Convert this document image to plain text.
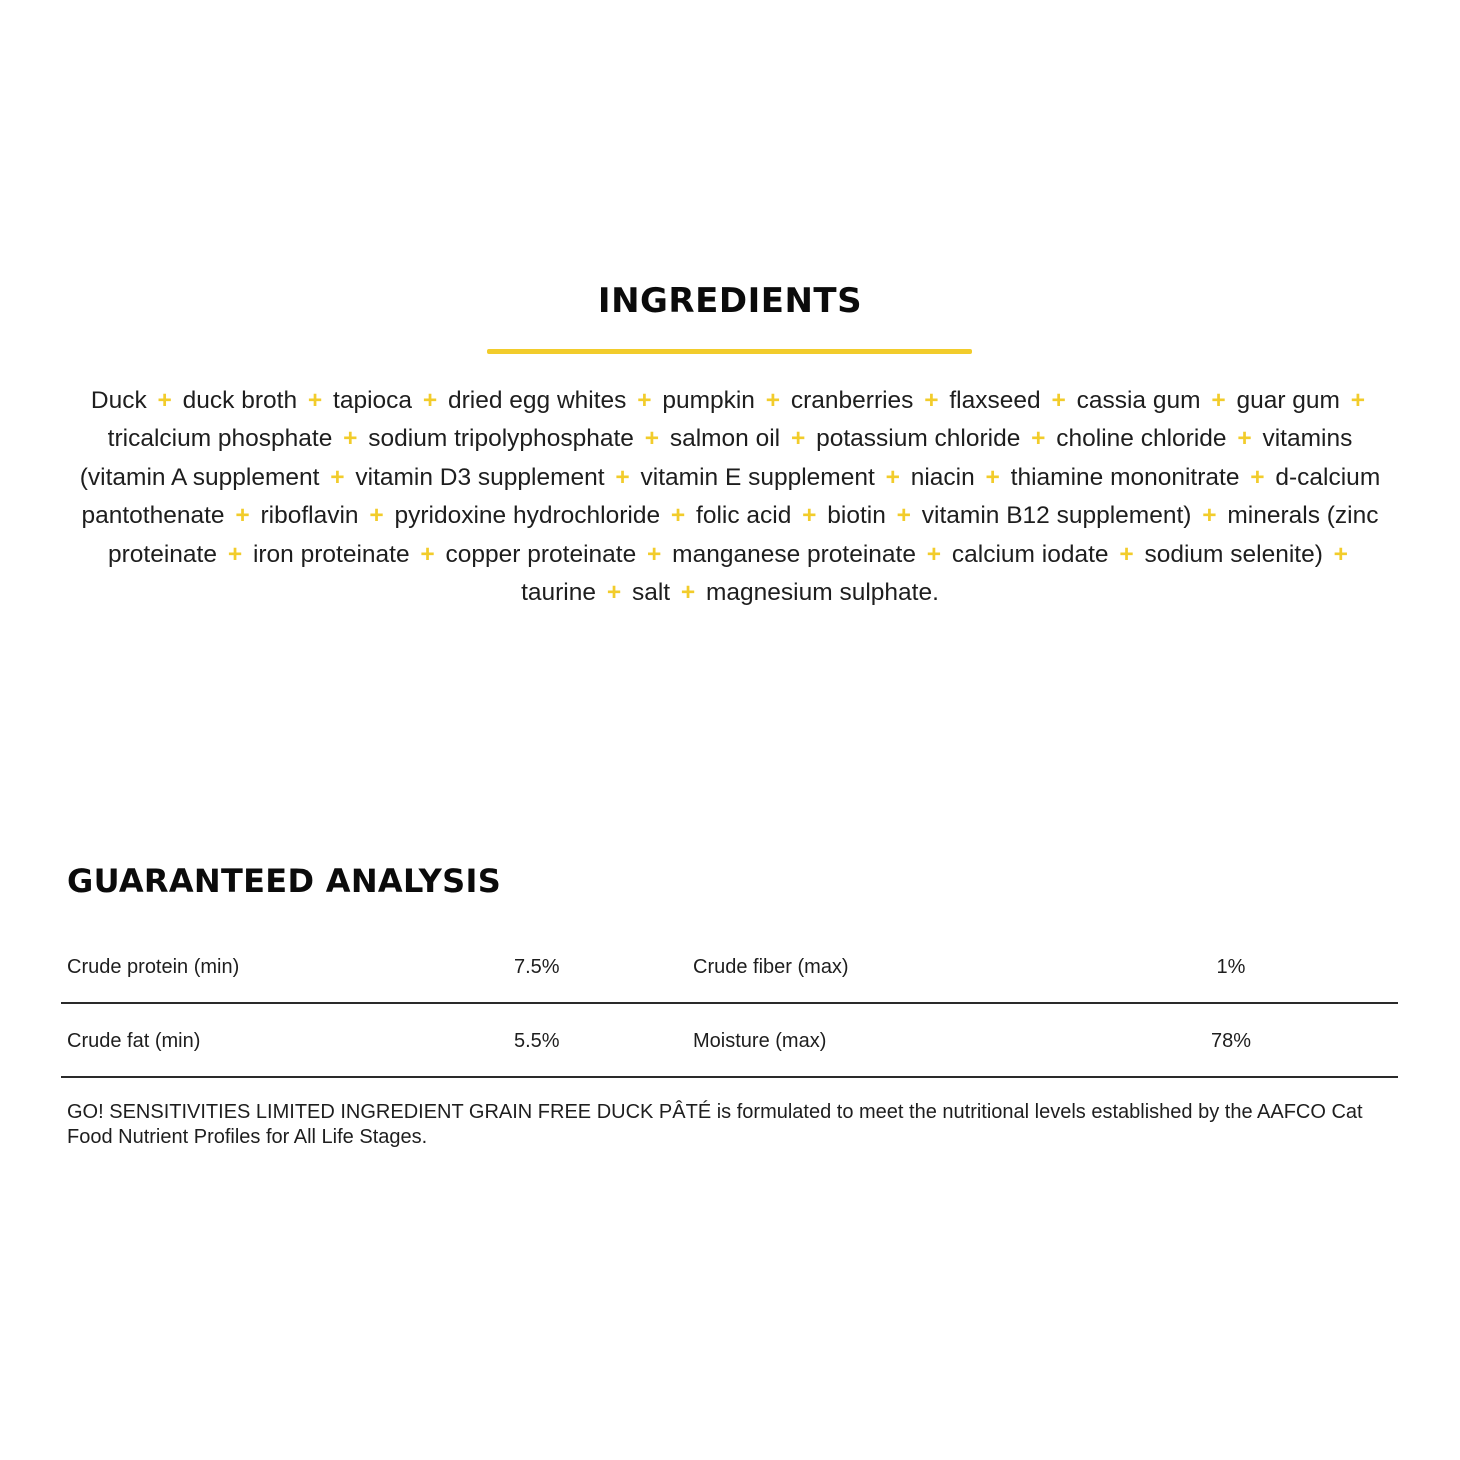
INGREDIENTS

Duck + duck broth + tapioca + dried egg whites + pumpkin + cranberries + flaxseed + cassia gum + guar gum + tricalcium phosphate + sodium tripolyphosphate + salmon oil + potassium chloride + choline chloride + vitamins (vitamin A supplement + vitamin D3 supplement + vitamin E supplement + niacin + thiamine mononitrate + d-calcium pantothenate + riboflavin + pyridoxine hydrochloride + folic acid + biotin + vitamin B12 supplement) + minerals (zinc proteinate + iron proteinate + copper proteinate + manganese proteinate + calcium iodate + sodium selenite) + taurine + salt + magnesium sulphate.

GUARANTEED ANALYSIS
Crude protein (min)	7.5%	Crude fiber (max)	1%
Crude fat (min)	5.5%	Moisture (max)	78%

GO! SENSITIVITIES LIMITED INGREDIENT GRAIN FREE DUCK PÂTÉ is formulated to meet the nutritional levels established by the AAFCO Cat Food Nutrient Profiles for All Life Stages.
